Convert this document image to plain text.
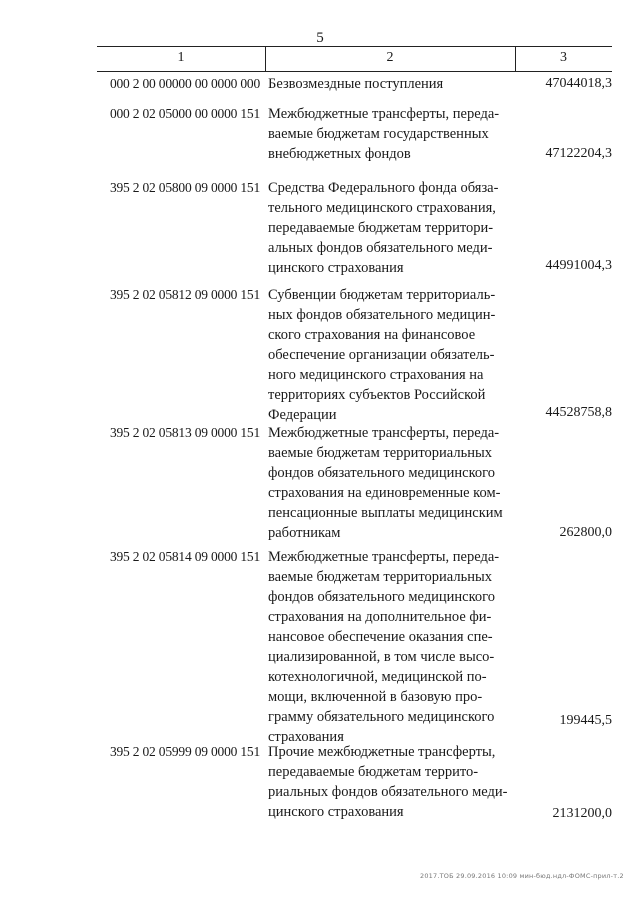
5
1	2	3
000 2 00 00000 00 0000 000 Безвозмездные поступления	47044018,3
000 2 02 05000 00 0000 151 Межбюджетные трансферты, переда-
ваемые бюджетам государственных
внебюджетных фондов	47122204,3
395 2 02 05800 09 0000 151 Средства Федерального фонда обяза-
тельного медицинского страхования,
передаваемые бюджетам территори-
альных фондов обязательного меди-
цинского страхования	44991004,3
395 2 02 05812 09 0000 151 Субвенции бюджетам территориаль-
ных фондов обязательного медицин-
ского страхования на финансовое
обеспечение организации обязатель-
ного медицинского страхования на
территориях субъектов Российской
Федерации	44528758,8
395 2 02 05813 09 0000 151 Межбюджетные трансферты, переда-
ваемые бюджетам территориальных
фондов обязательного медицинского
страхования на единовременные ком-
пенсационные выплаты медицинским
работникам	262800,0
395 2 02 05814 09 0000 151 Межбюджетные трансферты, переда-
ваемые бюджетам территориальных
фондов обязательного медицинского
страхования на дополнительное фи-
нансовое обеспечение оказания спе-
циализированной, в том числе высо-
котехнологичной, медицинской по-
мощи, включенной в базовую про-
грамму обязательного медицинского
страхования
199445,5
395 2 02 05999 09 0000 151 Прочие межбюджетные трансферты,
передаваемые бюджетам террито-
риальных фондов обязательного меди-
цинского страхования	2131200,0
2017.ТОБ 29.09.2016 10:09 мин-бюд.ндл-ФОМС-прил-т.2
